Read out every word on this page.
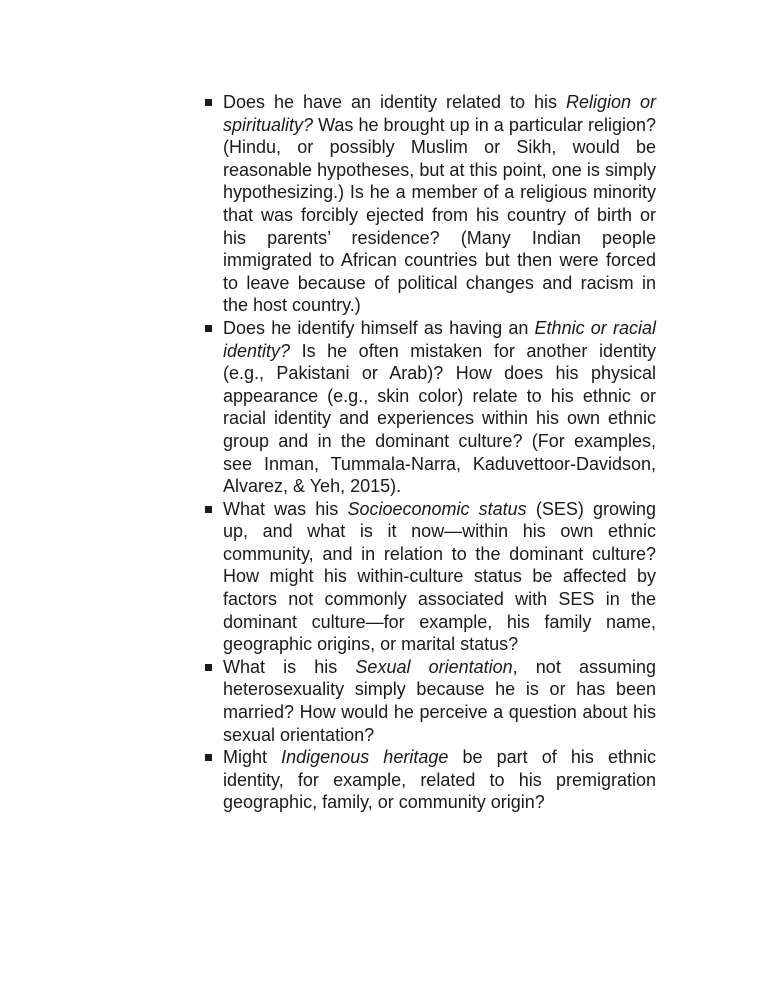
Does he have an identity related to his Religion or spirituality? Was he brought up in a particular religion? (Hindu, or possibly Muslim or Sikh, would be reasonable hypotheses, but at this point, one is simply hypothesizing.) Is he a member of a religious minority that was forcibly ejected from his country of birth or his parents’ residence? (Many Indian people immigrated to African countries but then were forced to leave because of political changes and racism in the host country.)
Does he identify himself as having an Ethnic or racial identity? Is he often mistaken for another identity (e.g., Pakistani or Arab)? How does his physical appearance (e.g., skin color) relate to his ethnic or racial identity and experiences within his own ethnic group and in the dominant culture? (For examples, see Inman, Tummala-Narra, Kaduvettoor-Davidson, Alvarez, & Yeh, 2015).
What was his Socioeconomic status (SES) growing up, and what is it now—within his own ethnic community, and in relation to the dominant culture? How might his within-culture status be affected by factors not commonly associated with SES in the dominant culture—for example, his family name, geographic origins, or marital status?
What is his Sexual orientation, not assuming heterosexuality simply because he is or has been married? How would he perceive a question about his sexual orientation?
Might Indigenous heritage be part of his ethnic identity, for example, related to his premigration geographic, family, or community origin?
